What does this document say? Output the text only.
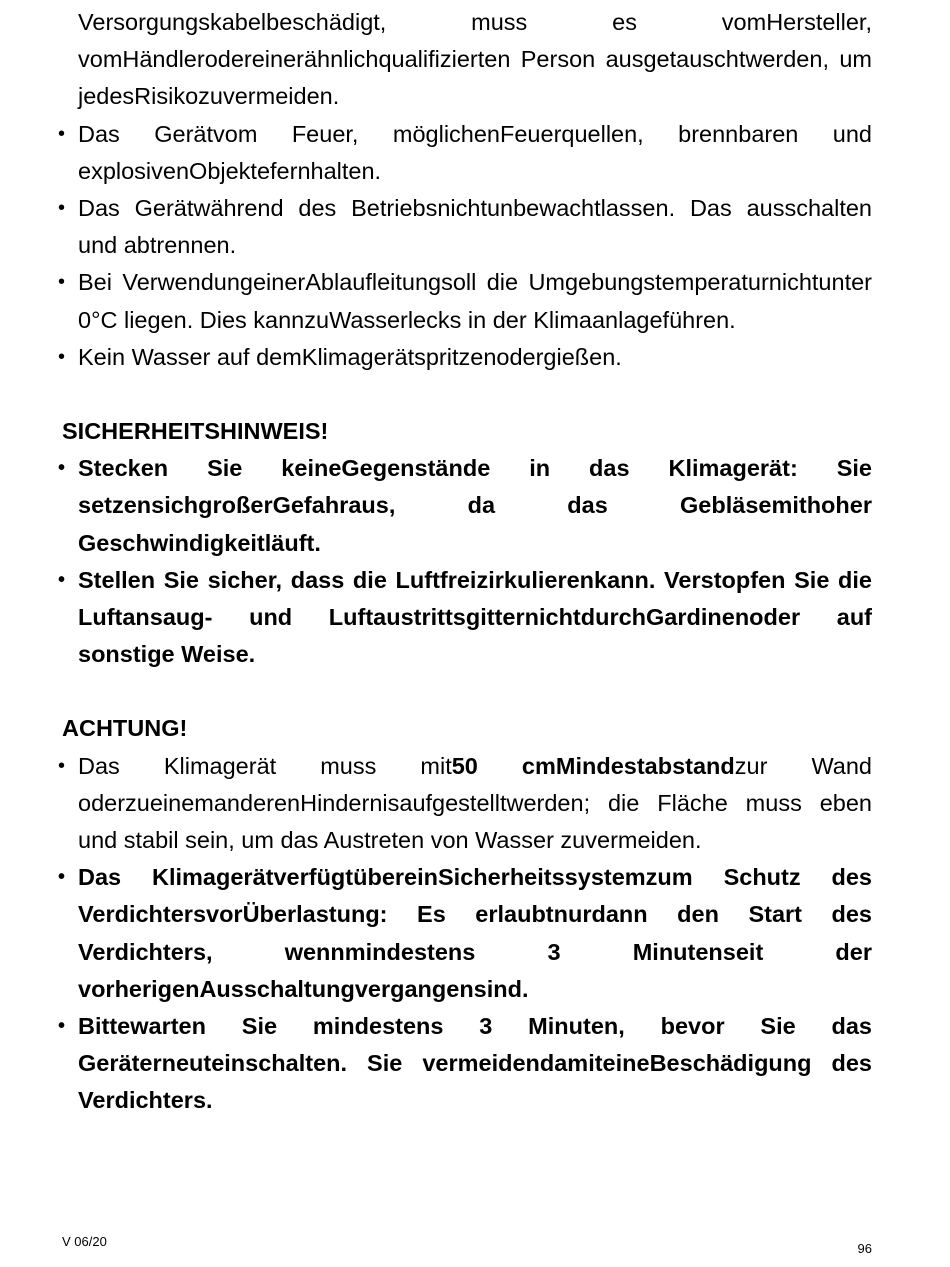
Versorgungskabelbeschädigt, muss es vomHersteller, vomHändlerodereinerähnlichqualifizierten Person ausgetauschtwerden, um jedesRisikozuvermeiden.

• Das Gerätvom Feuer, möglichenFeuerquellen, brennbaren und explosivenObjektefernhalten.

• Das Gerätwährend des Betriebsnichtunbewachtlassen. Das ausschalten und abtrennen.

• Bei VerwendungeinerAblaufleitungsoll die Umgebungstemperaturnichtunter 0°C liegen. Dies kannzuWasserlecks in der Klimaanlageführen.

• Kein Wasser auf demKlimagerätspritzenodergießen.

SICHERHEITSHINWEIS!

• Stecken Sie keineGegenstände in das Klimagerät: Sie setzensichgroßerGefahraus, da das Gebläsemithoher Geschwindigkeitläuft.

• Stellen Sie sicher, dass die Luftfreizirkulierenkann. Verstopfen Sie die Luftansaug- und LuftaustrittsgitternichtdurchGardinenoder auf sonstige Weise.

ACHTUNG!

• Das Klimagerät muss mit50 cmMindestabstandzur Wand oderzueinemanderenHindernisaufgestelltwerden; die Fläche muss eben und stabil sein, um das Austreten von Wasser zuvermeiden.

• Das KlimagerätverfügtübereinSicherheitssystemzum Schutz des VerdichtersvorÜberlastung: Es erlaubtnurdann den Start des Verdichters, wennmindestens 3 Minutenseit der vorherigenAusschaltungvergangensind.

• Bittewarten Sie mindestens 3 Minuten, bevor Sie das Geräterneuteinschalten. Sie vermeidendamiteineBeschädigung des Verdichters.

V 06/20	96
